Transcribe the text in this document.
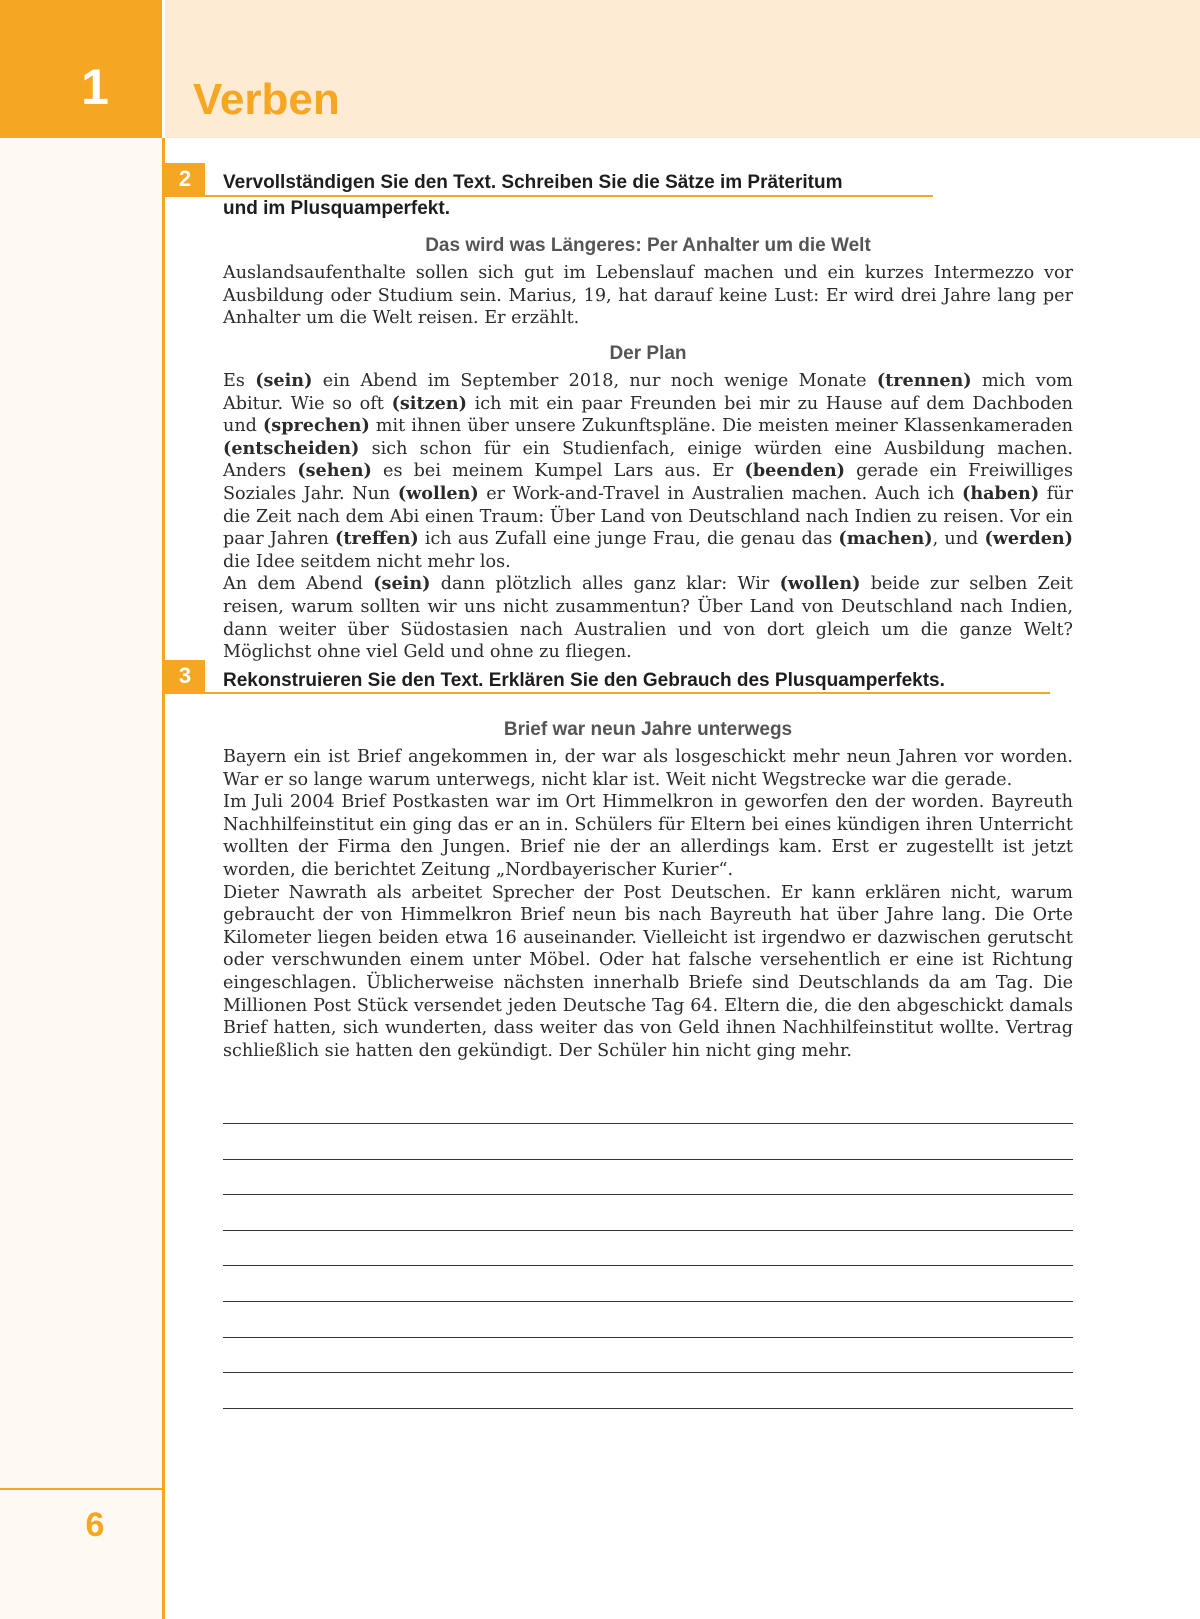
1	Verben
6
2	Vervollständigen Sie den Text. Schreiben Sie die Sätze im Präteritum
und im Plusquamperfekt.
Das wird was Längeres: Per Anhalter um die Welt

Auslandsaufenthalte sollen sich gut im Lebenslauf machen und ein kurzes Intermezzo vor Ausbildung oder Studium sein. Marius, 19, hat darauf keine Lust: Er wird drei Jahre lang per Anhalter um die Welt reisen. Er erzählt.

Der Plan

Es (sein) ein Abend im September 2018, nur noch wenige Monate (trennen) mich vom Abitur. Wie so oft (sitzen) ich mit ein paar Freunden bei mir zu Hause auf dem Dachboden und (sprechen) mit ihnen über unsere Zukunftspläne. Die meisten meiner Klassenkameraden (entscheiden) sich schon für ein Studienfach, einige würden eine Ausbildung machen. Anders (sehen) es bei meinem Kumpel Lars aus. Er (beenden) gerade ein Freiwilliges Soziales Jahr. Nun (wollen) er Work-and-Travel in Australien machen. Auch ich (haben) für die Zeit nach dem Abi einen Traum: Über Land von Deutschland nach Indien zu reisen. Vor ein paar Jahren (treffen) ich aus Zufall eine junge Frau, die genau das (machen), und (werden) die Idee seitdem nicht mehr los.

An dem Abend (sein) dann plötzlich alles ganz klar: Wir (wollen) beide zur selben Zeit reisen, warum sollten wir uns nicht zusammentun? Über Land von Deutschland nach Indien, dann weiter über Südostasien nach Australien und von dort gleich um die ganze Welt? Möglichst ohne viel Geld und ohne zu fliegen.

3	Rekonstruieren Sie den Text. Erklären Sie den Gebrauch des Plusquamperfekts.
Brief war neun Jahre unterwegs

Bayern ein ist Brief angekommen in, der war als losgeschickt mehr neun Jahren vor worden. War er so lange warum unterwegs, nicht klar ist. Weit nicht Wegstrecke war die gerade.

Im Juli 2004 Brief Postkasten war im Ort Himmelkron in geworfen den der worden. Bayreuth Nachhilfeinstitut ein ging das er an in. Schülers für Eltern bei eines kündigen ihren Unterricht wollten der Firma den Jungen. Brief nie der an allerdings kam. Erst er zugestellt ist jetzt worden, die berichtet Zeitung „Nordbayerischer Kurier“.

Dieter Nawrath als arbeitet Sprecher der Post Deutschen. Er kann erklären nicht, warum gebraucht der von Himmelkron Brief neun bis nach Bayreuth hat über Jahre lang. Die Orte Kilometer liegen beiden etwa 16 auseinander. Vielleicht ist irgendwo er dazwischen gerutscht oder verschwunden einem unter Möbel. Oder hat falsche versehentlich er eine ist Richtung eingeschlagen. Üblicherweise nächsten innerhalb Briefe sind Deutschlands da am Tag. Die Millionen Post Stück versendet jeden Deutsche Tag 64. Eltern die, die den abgeschickt damals Brief hatten, sich wunderten, dass weiter das von Geld ihnen Nachhilfeinstitut wollte. Vertrag schließlich sie hatten den gekündigt. Der Schüler hin nicht ging mehr.
